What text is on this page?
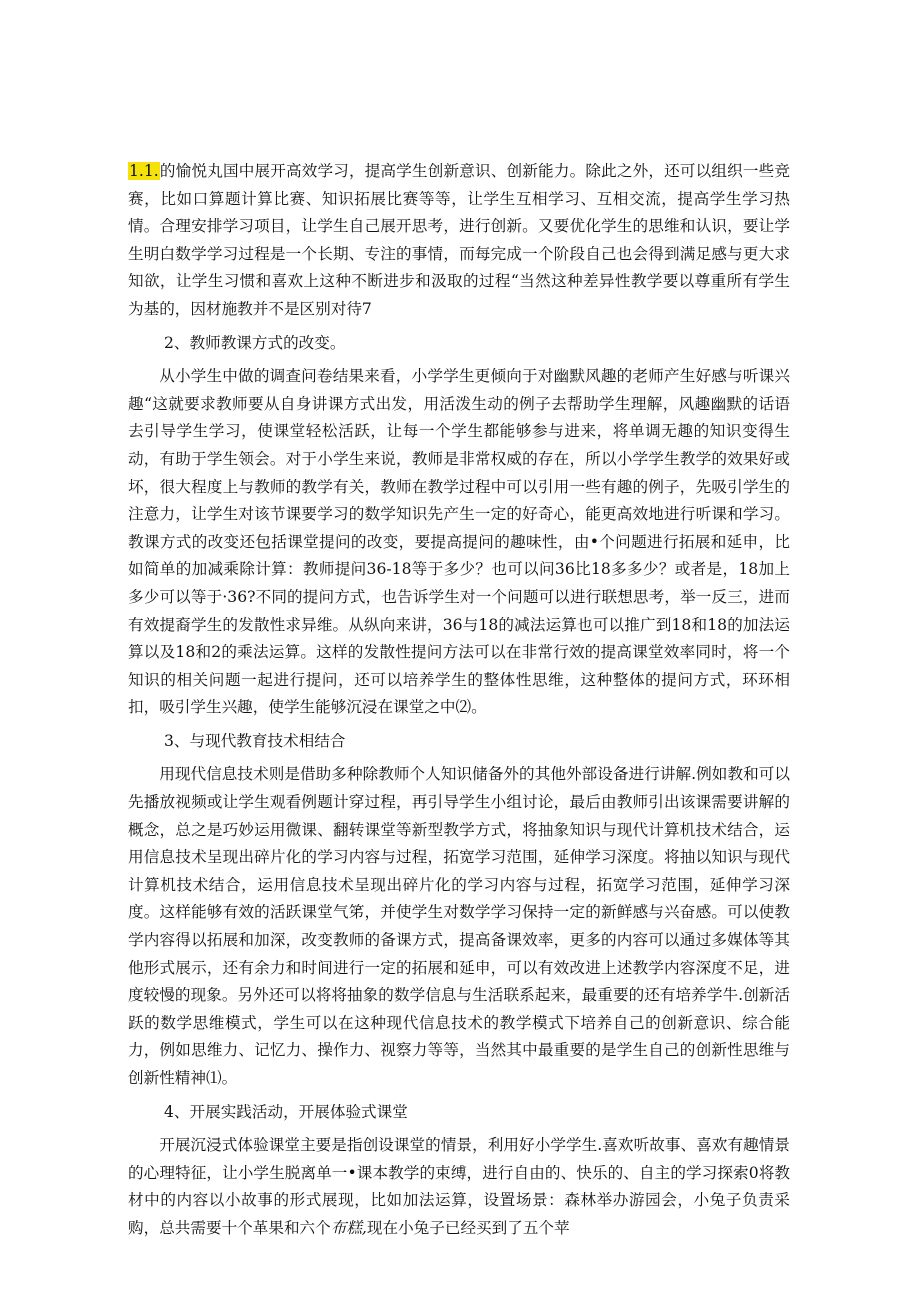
1.1.的愉悦丸国中展开高效学习，提高学生创新意识、创新能力。除此之外，还可以组织一些竞赛，比如口算题计算比赛、知识拓展比赛等等，让学生互相学习、互相交流，提高学生学习热情。合理安排学习项目，让学生自己展开思考，进行创新。又要优化学生的思维和认识，要让学生明白数学学习过程是一个长期、专注的事情，而每完成一个阶段自己也会得到满足感与更大求知欲，让学生习惯和喜欢上这种不断进步和汲取的过程“当然这种差异性教学要以尊重所有学生为基的，因材施教并不是区别对待7

2、教师教课方式的改变。

从小学生中做的调查问卷结果来看，小学学生更倾向于对幽默风趣的老师产生好感与听课兴趣“这就要求教师要从自身讲课方式出发，用活泼生动的例子去帮助学生理解，风趣幽默的话语去引导学生学习，使课堂轻松活跃，让每一个学生都能够参与进来，将单调无趣的知识变得生动，有助于学生领会。对于小学生来说，教师是非常权威的存在，所以小学学生教学的效果好或坏，很大程度上与教师的教学有关，教师在教学过程中可以引用一些有趣的例子，先吸引学生的注意力，让学生对该节课要学习的数学知识先产生一定的好奇心，能更高效地进行听课和学习。教课方式的改变还包括课堂提问的改变，要提高提问的趣味性，由•个问题进行拓展和延申，比如简单的加减乘除计算：教师提问36-18等于多少？也可以问36比18多多少？或者是，18加上多少可以等于·36?不同的提问方式，也告诉学生对一个问题可以进行联想思考，举一反三，进而有效提裔学生的发散性求异维。从纵向来讲，36与18的减法运算也可以推广到18和18的加法运算以及18和2的乘法运算。这样的发散性提问方法可以在非常行效的提高课堂效率同时，将一个知识的相关问题一起进行提问，还可以培养学生的整体性思维，这种整体的提问方式，环环相扣，吸引学生兴趣，使学生能够沉浸在课堂之中⑵。

3、与现代教育技术相结合

用现代信息技术则是借助多种除教师个人知识储备外的其他外部设备进行讲解.例如教和可以先播放视频或让学生观看例题计穿过程，再引导学生小组讨论，最后由教师引出该课需要讲解的概念，总之是巧妙运用微课、翻转课堂等新型教学方式，将抽象知识与现代计算机技术结合，运用信息技术呈现出碎片化的学习内容与过程，拓宽学习范围，延伸学习深度。将抽以知识与现代计算机技术结合，运用信息技术呈现出碎片化的学习内容与过程，拓宽学习范围，延伸学习深度。这样能够有效的活跃课堂气笫，并使学生对数学学习保持一定的新鲜感与兴奋感。可以使教学内容得以拓展和加深，改变教师的备课方式，提高备课效率，更多的内容可以通过多媒体等其他形式展示，还有余力和时间进行一定的拓展和延申，可以有效改进上述教学内容深度不足，进度较慢的现象。另外还可以将将抽象的数学信息与生活联系起来，最重要的还有培养学牛.创新活跃的数学思维模式，学生可以在这种现代信息技术的教学模式下培养自己的创新意识、综合能力，例如思维力、记忆力、操作力、视察力等等，当然其中最重要的是学生自己的创新性思维与创新性精神⑴。

4、开展实践活动，开展体验式课堂

开展沉浸式体验课堂主要是指创设课堂的情景，利用好小学学生.喜欢听故事、喜欢有趣情景的心理特征，让小学生脱离单一•课本教学的束缚，进行自由的、快乐的、自主的学习探索0将教材中的内容以小故事的形式展现，比如加法运算，设置场景：森林举办游园会，小兔子负责采购，总共需要十个革果和六个布糕,现在小兔子已经买到了五个苹
